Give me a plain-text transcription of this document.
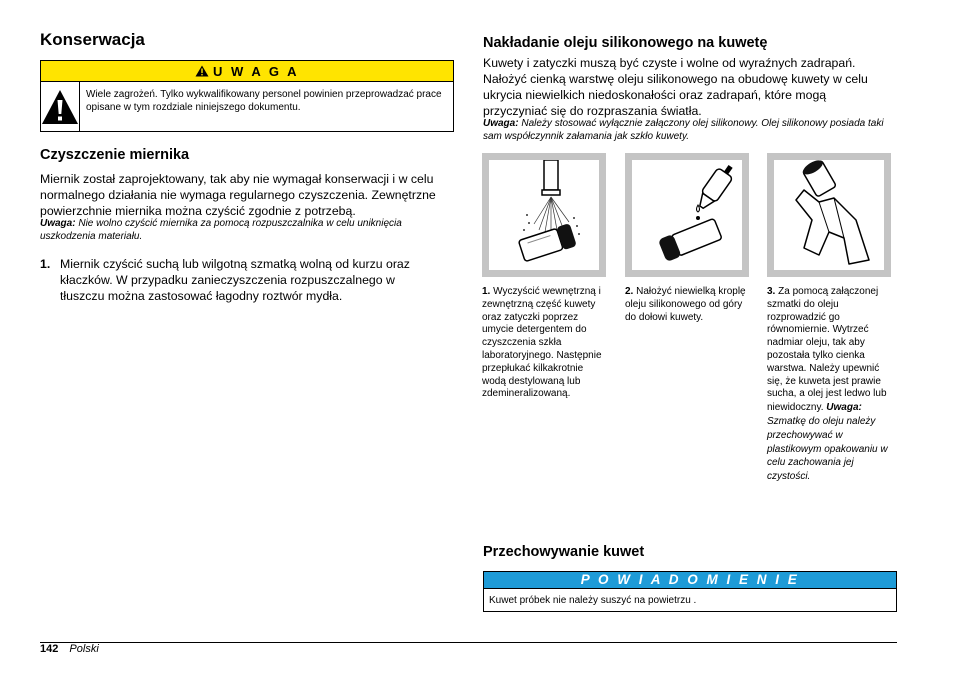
Konserwacja
U W A G A
Wiele zagrożeń. Tylko wykwalifikowany personel powinien przeprowadzać prace opisane w tym rozdziale niniejszego dokumentu.
Czyszczenie miernika
Miernik został zaprojektowany, tak aby nie wymagał konserwacji i w celu normalnego działania nie wymaga regularnego czyszczenia. Zewnętrzne powierzchnie miernika można czyścić zgodnie z potrzebą.
Uwaga: Nie wolno czyścić miernika za pomocą rozpuszczalnika w celu uniknięcia uszkodzenia materiału.
1. Miernik czyścić suchą lub wilgotną szmatką wolną od kurzu oraz kłaczków. W przypadku zanieczyszczenia rozpuszczalnego w tłuszczu można zastosować łagodny roztwór mydła.
Nakładanie oleju silikonowego na kuwetę
Kuwety i zatyczki muszą być czyste i wolne od wyraźnych zadrapań. Nałożyć cienką warstwę oleju silikonowego na obudowę kuwety w celu ukrycia niewielkich niedoskonałości oraz zadrapań, które mogą przyczyniać się do rozpraszania światła.
Uwaga: Należy stosować wyłącznie załączony olej silikonowy. Olej silikonowy posiada taki sam współczynnik załamania jak szkło kuwety.
1. Wyczyścić wewnętrzną i zewnętrzną część kuwety oraz zatyczki poprzez umycie detergentem do czyszczenia szkła laboratoryjnego. Następnie przepłukać kilkakrotnie wodą destylowaną lub zdemineralizowaną.
2. Nałożyć niewielką kroplę oleju silikonowego od góry do dołowi kuwety.
3. Za pomocą załączonej szmatki do oleju rozprowadzić go równomiernie. Wytrzeć nadmiar oleju, tak aby pozostała tylko cienka warstwa. Należy upewnić się, że kuweta jest prawie sucha, a olej jest ledwo lub niewidoczny. Uwaga: Szmatkę do oleju należy przechowywać w plastikowym opakowaniu w celu zachowania jej czystości.
Przechowywanie kuwet
P O W I A D O M I E N I E
Kuwet próbek nie należy suszyć na powietrzu .
142 Polski
